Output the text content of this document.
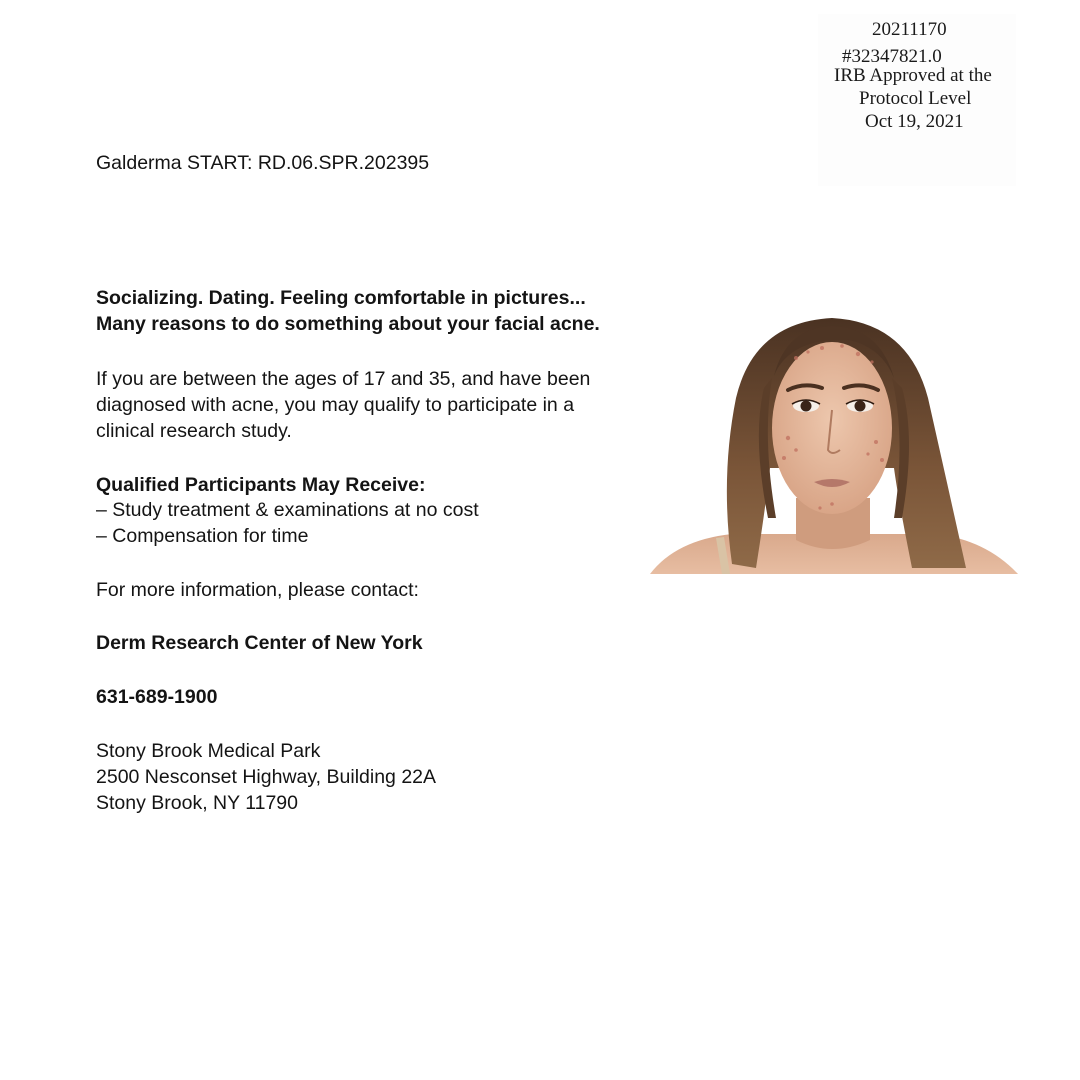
20211170
#32347821.0
IRB Approved at the
Protocol Level
Oct 19, 2021
Galderma START: RD.06.SPR.202395
Socializing. Dating. Feeling comfortable in pictures...
Many reasons to do something about your facial acne.
If you are between the ages of 17 and 35, and have been
diagnosed with acne, you may qualify to participate in a
clinical research study.
Qualified Participants May Receive:
– Study treatment & examinations at no cost
– Compensation for time
For more information, please contact:
Derm Research Center of New York
631-689-1900
Stony Brook Medical Park
2500 Nesconset Highway, Building 22A
Stony Brook, NY 11790
